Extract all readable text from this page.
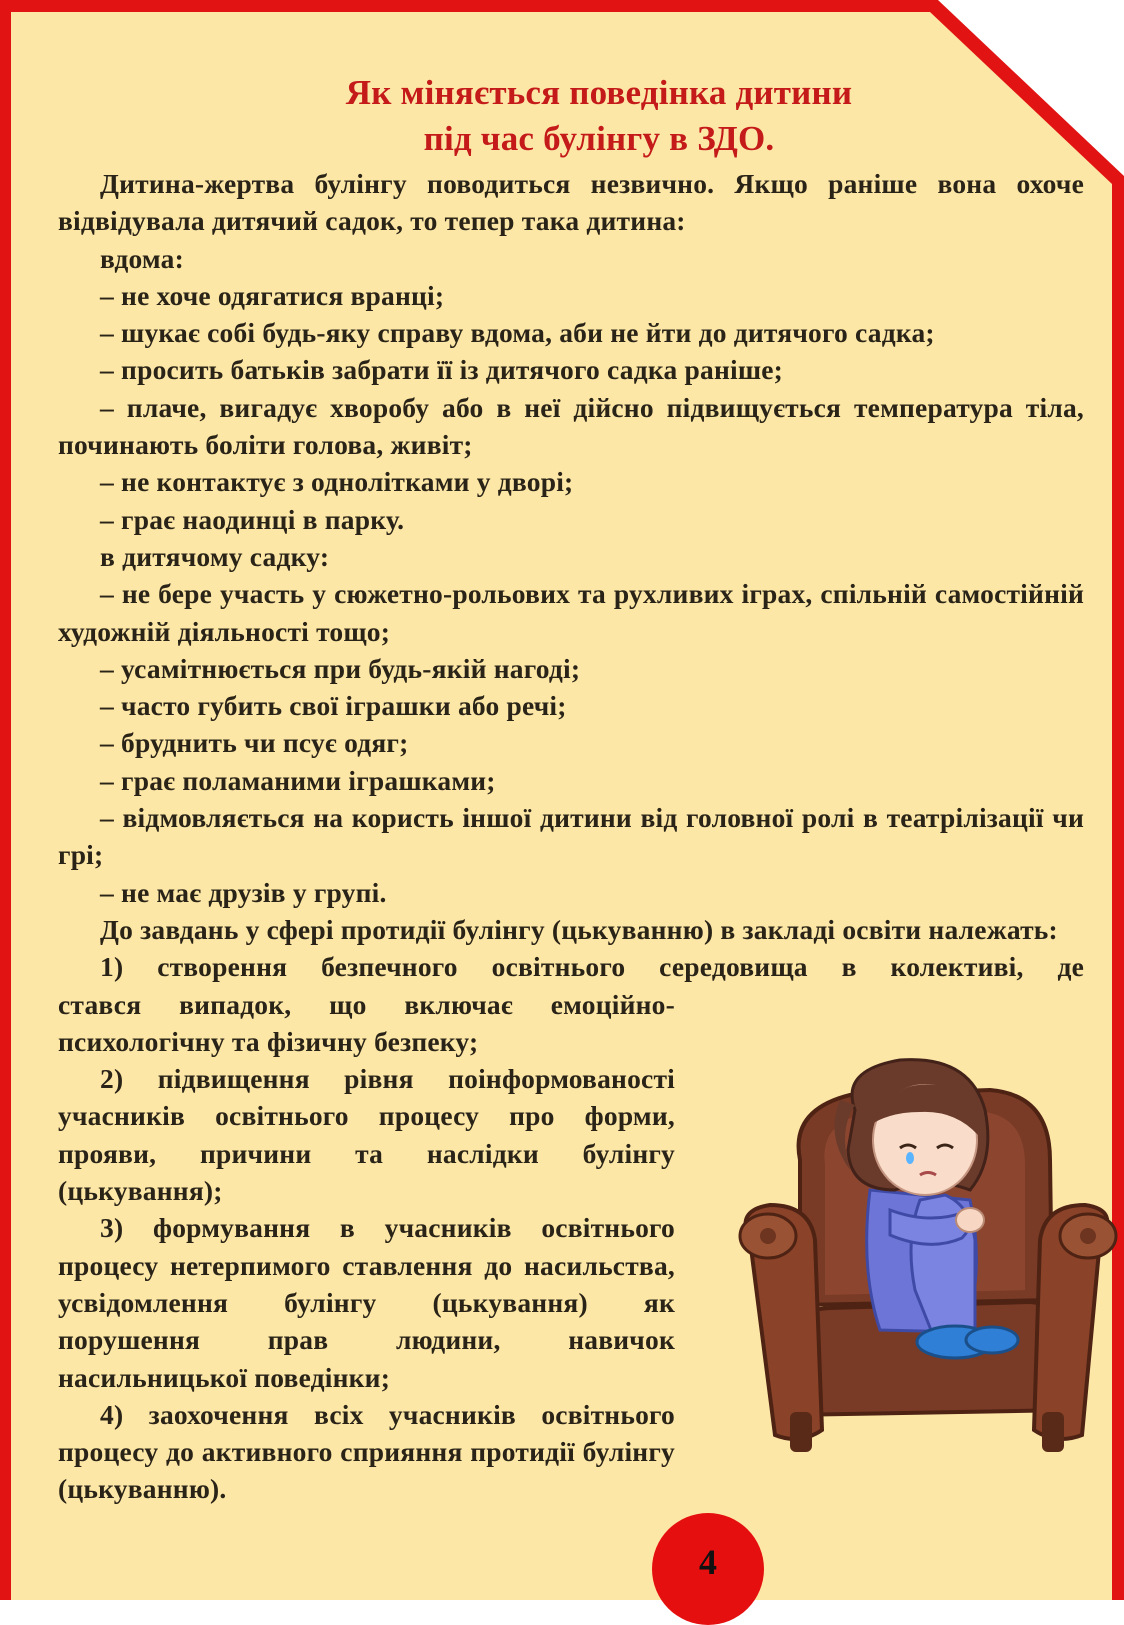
Як міняється поведінка дитини
під час булінгу в ЗДО.

Дитина-жертва булінгу поводиться незвично. Якщо раніше вона охоче відвідувала дитячий садок, то тепер така дитина:

вдома:

– не хоче одягатися вранці;

– шукає собі будь-яку справу вдома, аби не йти до дитячого садка;

– просить батьків забрати її із дитячого садка раніше;

– плаче, вигадує хворобу або в неї дійсно підвищується температура тіла, починають боліти голова, живіт;

– не контактує з однолітками у дворі;

– грає наодинці в парку.

в дитячому садку:

– не бере участь у сюжетно-рольових та рухливих іграх, спільній самостійній художній діяльності тощо;

– усамітнюється при будь-якій нагоді;

– часто губить свої іграшки або речі;

– бруднить чи псує одяг;

– грає поламаними іграшками;

– відмовляється на користь іншої дитини від головної ролі в театрілізації чи грі;

– не має друзів у групі.

До завдань у сфері протидії булінгу (цькуванню) в закладі освіти належать:

1) створення безпечного освітнього середовища в колективі, де

стався випадок, що включає емоційно-психологічну та фізичну безпеку;

2) підвищення рівня поінформованості учасників освітнього процесу про форми, прояви, причини та наслідки булінгу (цькування);

3) формування в учасників освітнього процесу нетерпимого ставлення до насильства, усвідомлення булінгу (цькування) як порушення прав людини, навичок насильницької поведінки;

4) заохочення всіх учасників освітнього процесу до активного сприяння протидії булінгу (цькуванню).

4
